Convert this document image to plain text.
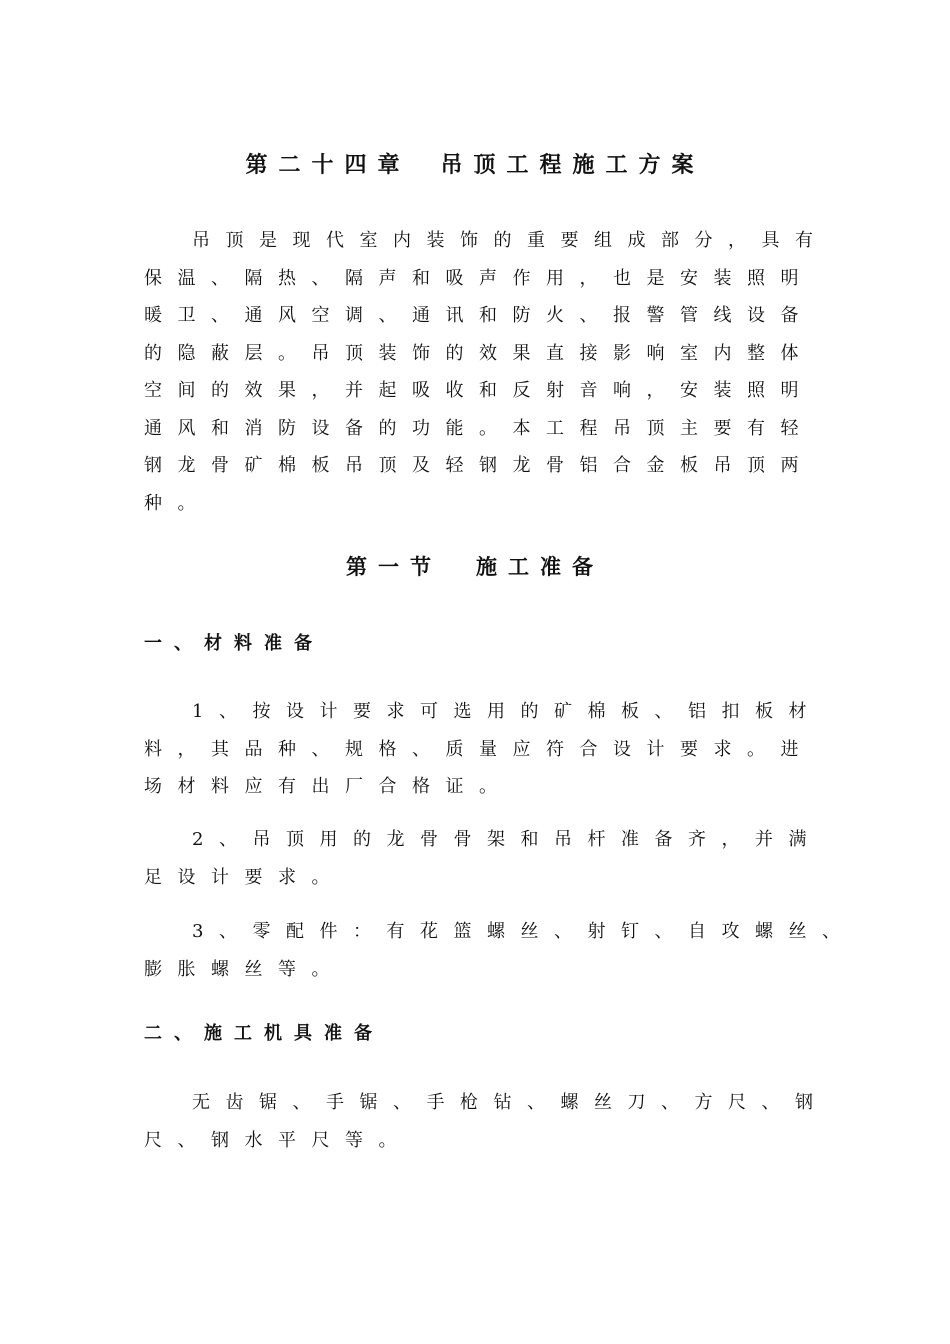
第二十四章 吊顶工程施工方案
吊顶是现代室内装饰的重要组成部分，具有
保温、隔热、隔声和吸声作用，也是安装照明
暖卫、通风空调、通讯和防火、报警管线设备
的隐蔽层。吊顶装饰的效果直接影响室内整体
空间的效果，并起吸收和反射音响，安装照明
通风和消防设备的功能。本工程吊顶主要有轻
钢龙骨矿棉板吊顶及轻钢龙骨铝合金板吊顶两
种。
第一节 施工准备
一、材料准备
1、按设计要求可选用的矿棉板、铝扣板材
料，其品种、规格、质量应符合设计要求。进
场材料应有出厂合格证。
2、吊顶用的龙骨骨架和吊杆准备齐，并满
足设计要求。
3、零配件：有花篮螺丝、射钉、自攻螺丝、
膨胀螺丝等。
二、施工机具准备
无齿锯、手锯、手枪钻、螺丝刀、方尺、钢
尺、钢水平尺等。
